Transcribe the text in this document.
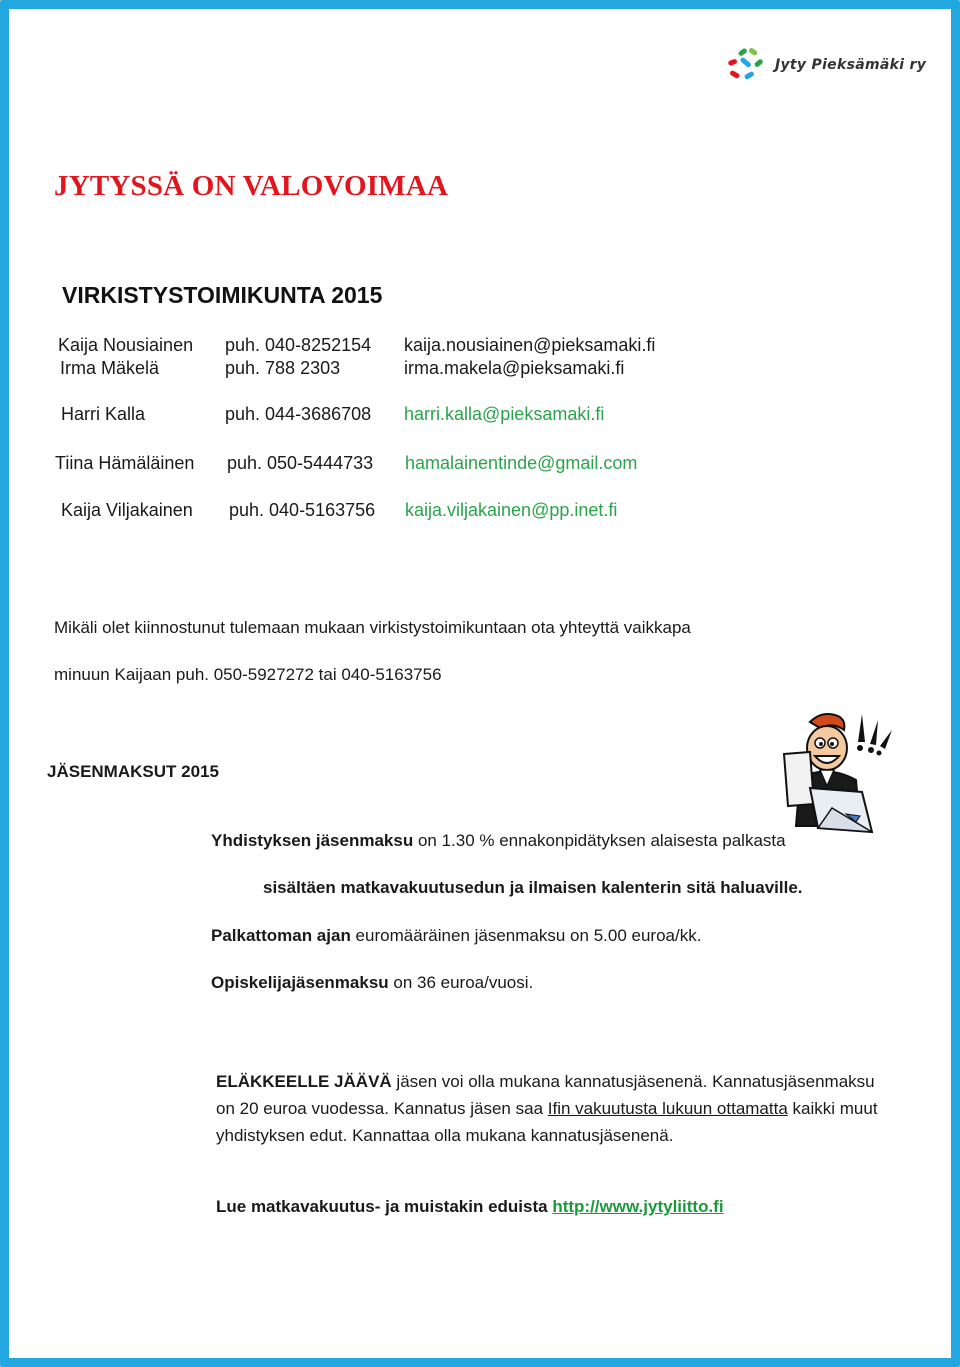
Jyty Pieksämäki ry
JYTYSSÄ ON VALOVOIMAA
VIRKISTYSTOIMIKUNTA 2015
Kaija Nousiainen puh. 040-8252154 kaija.nousiainen@pieksamaki.fi
Irma Mäkelä	puh. 788 2303	irma.makela@pieksamaki.fi
Harri Kalla	puh. 044-3686708 harri.kalla@pieksamaki.fi
Tiina Hämäläinen puh. 050-5444733 hamalainentinde@gmail.com
Kaija Viljakainen puh. 040-5163756 kaija.viljakainen@pp.inet.fi
Mikäli olet kiinnostunut tulemaan mukaan virkistystoimikuntaan ota yhteyttä vaikkapa
minuun Kaijaan puh. 050-5927272 tai 040-5163756
JÄSENMAKSUT 2015
Yhdistyksen jäsenmaksu on 1.30 % ennakonpidätyksen alaisesta palkasta
sisältäen matkavakuutusedun ja ilmaisen kalenterin sitä haluaville.
Palkattoman ajan euromääräinen jäsenmaksu on 5.00 euroa/kk.
Opiskelijajäsenmaksu on 36 euroa/vuosi.
ELÄKKEELLE JÄÄVÄ jäsen voi olla mukana kannatusjäsenenä. Kannatusjäsenmaksu on 20 euroa vuodessa. Kannatus jäsen saa Ifin vakuutusta lukuun ottamatta kaikki muut yhdistyksen edut. Kannattaa olla mukana kannatusjäsenenä.
Lue matkavakuutus- ja muistakin eduista http://www.jytyliitto.fi
